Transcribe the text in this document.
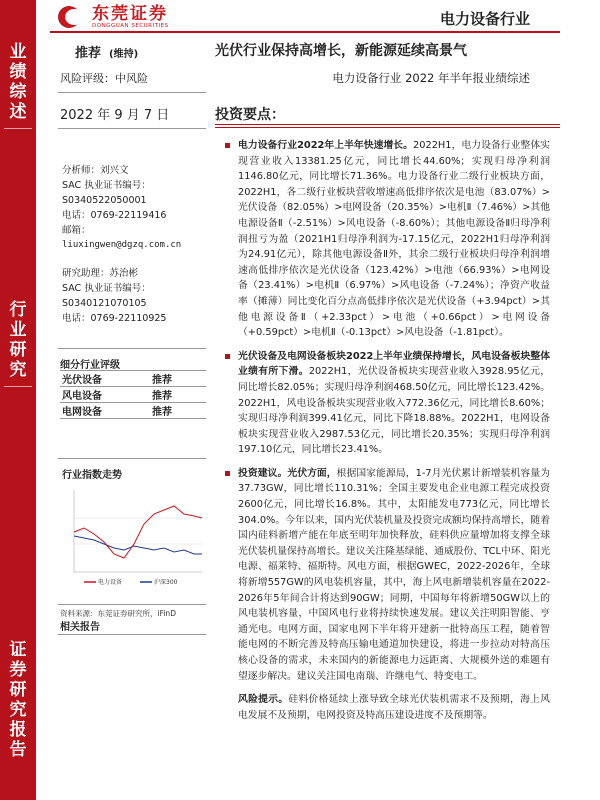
业绩综述
行业研究
证券研究报告
东莞证券
DONGGUAN SECURITIES	电力设备行业
推荐 (维持)	光伏行业保持高增长，新能源延续高景气
风险评级：中风险	电力设备行业 2022 年半年报业绩综述
2022 年 9 月 7 日	投资要点：
分析师：刘兴文
SAC 执业证书编号：
S0340522050001
电话：0769-22119416
邮箱：
liuxingwen@dgzq.com.cn
研究助理：苏治彬
SAC 执业证书编号：
S0340121070105
电话：0769-22110925
细分行业评级
光伏设备	推荐
风电设备	推荐
电网设备	推荐
行业指数走势
电力设备	沪深300
资料来源：东莞证券研究所，iFinD
相关报告
电力设备行业2022年上半年快速增长。2022H1，电力设备行业整体实现营业收入13381.25亿元，同比增长44.60%；实现归母净利润1146.80亿元，同比增长71.36%。电力设备行业二级行业板块方面，2022H1，各二级行业板块营收增速高低排序依次是电池（83.07%）>光伏设备（82.05%）>电网设备（20.35%）>电机Ⅱ（7.46%）>其他电源设备Ⅱ（-2.51%）>风电设备（-8.60%）；其他电源设备Ⅱ归母净利润扭亏为盈（2021H1归母净利润为-17.15亿元，2022H1归母净利润为24.91亿元），除其他电源设备Ⅱ外，其余二级行业板块归母净利润增速高低排序依次是光伏设备（123.42%）>电池（66.93%）>电网设备（23.41%）>电机Ⅱ（6.97%）>风电设备（-7.24%）；净资产收益率（摊薄）同比变化百分点高低排序依次是光伏设备（+3.94pct）>其他电源设备Ⅱ（+2.33pct）>电池（+0.66pct）>电网设备（+0.59pct）>电机Ⅱ（-0.13pct）>风电设备（-1.81pct）。
光伏设备及电网设备板块2022上半年业绩保持增长，风电设备板块整体业绩有所下滑。2022H1，光伏设备板块实现营业收入3928.95亿元，同比增长82.05%；实现归母净利润468.50亿元，同比增长123.42%。2022H1，风电设备板块实现营业收入772.36亿元，同比增长8.60%；实现归母净利润399.41亿元，同比下降18.88%。2022H1，电网设备板块实现营业收入2987.53亿元，同比增长20.35%；实现归母净利润197.10亿元，同比增长23.41%。
投资建议。光伏方面，根据国家能源局，1-7月光伏累计新增装机容量为37.73GW，同比增长110.31%；全国主要发电企业电源工程完成投资2600亿元，同比增长16.8%。其中，太阳能发电773亿元，同比增长304.0%。今年以来，国内光伏装机量及投资完成额均保持高增长，随着国内硅料新增产能在年底至明年加快释放，硅料供应量增加将支撑全球光伏装机量保持高增长。建议关注隆基绿能、通威股份、TCL中环、阳光电源、福莱特、福斯特。风电方面，根据GWEC，2022-2026年，全球将新增557GW的风电装机容量，其中，海上风电新增装机容量在2022-2026年5年间合计将达到90GW；同期，中国每年将新增50GW以上的风电装机容量，中国风电行业将持续快速发展。建议关注明阳智能、亨通光电。电网方面，国家电网下半年将开建新一批特高压工程，随着智能电网的不断完善及特高压输电通道加快建设，将进一步拉动对特高压核心设备的需求，未来国内的新能源电力远距离、大规模外送的难题有望逐步解决。建议关注国电南瑞、许继电气、特变电工。
风险提示。硅料价格延续上涨导致全球光伏装机需求不及预期，海上风电发展不及预期，电网投资及特高压建设进度不及预期等。
